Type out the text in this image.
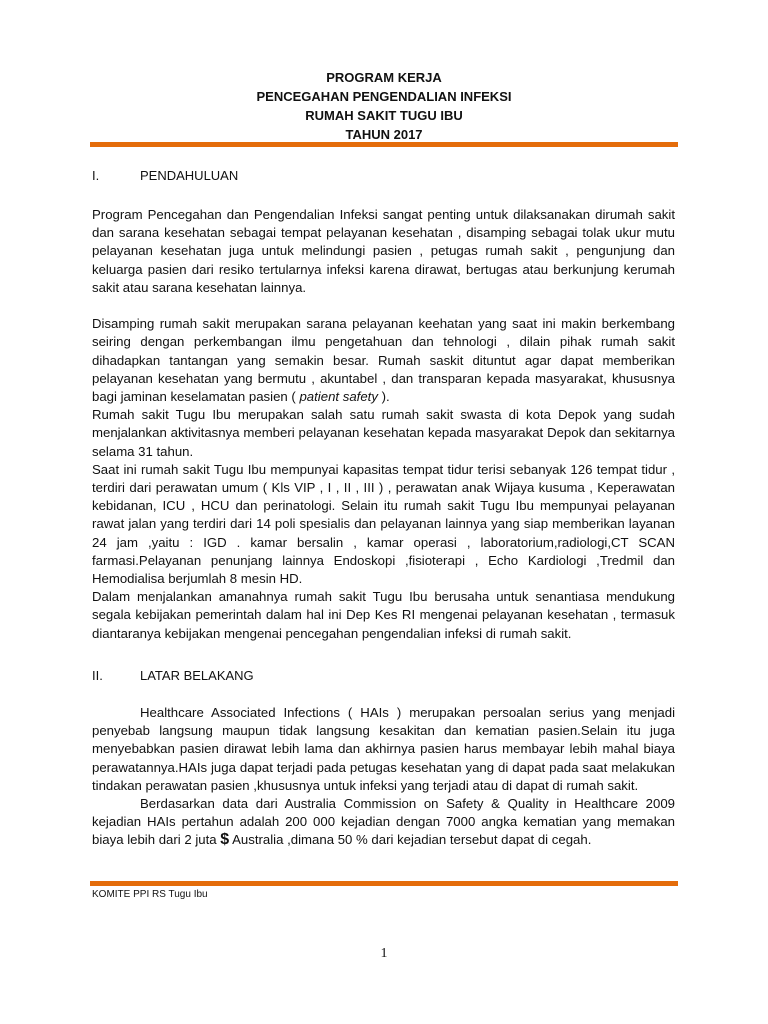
PROGRAM KERJA
PENCEGAHAN PENGENDALIAN INFEKSI
RUMAH SAKIT TUGU IBU
TAHUN 2017
I.	PENDAHULUAN

Program Pencegahan dan Pengendalian Infeksi sangat penting untuk dilaksanakan dirumah sakit dan sarana kesehatan sebagai tempat pelayanan kesehatan , disamping sebagai tolak ukur mutu pelayanan kesehatan juga untuk melindungi pasien , petugas rumah sakit , pengunjung dan keluarga pasien dari resiko tertularnya infeksi karena dirawat, bertugas atau berkunjung kerumah sakit atau sarana kesehatan lainnya.

Disamping rumah sakit merupakan sarana pelayanan keehatan yang saat ini makin berkembang seiring dengan perkembangan ilmu pengetahuan dan tehnologi , dilain pihak rumah sakit dihadapkan tantangan yang semakin besar. Rumah saskit dituntut agar dapat memberikan pelayanan kesehatan yang bermutu , akuntabel , dan transparan kepada masyarakat, khususnya bagi jaminan keselamatan pasien ( patient safety ).

Rumah sakit Tugu Ibu merupakan salah satu rumah sakit swasta di kota Depok yang sudah menjalankan aktivitasnya memberi pelayanan kesehatan kepada masyarakat Depok dan sekitarnya selama 31 tahun.

Saat ini rumah sakit Tugu Ibu mempunyai kapasitas tempat tidur terisi sebanyak 126 tempat tidur , terdiri dari perawatan umum ( Kls VIP , I , II , III ) , perawatan anak Wijaya kusuma , Keperawatan kebidanan, ICU , HCU dan perinatologi. Selain itu rumah sakit Tugu Ibu mempunyai pelayanan rawat jalan yang terdiri dari 14 poli spesialis dan pelayanan lainnya yang siap memberikan layanan 24 jam ,yaitu : IGD . kamar bersalin , kamar operasi , laboratorium,radiologi,CT SCAN farmasi.Pelayanan penunjang lainnya Endoskopi ,fisioterapi , Echo Kardiologi ,Tredmil dan Hemodialisa berjumlah 8 mesin HD.

Dalam menjalankan amanahnya rumah sakit Tugu Ibu berusaha untuk senantiasa mendukung segala kebijakan pemerintah dalam hal ini Dep Kes RI mengenai pelayanan kesehatan , termasuk diantaranya kebijakan mengenai pencegahan pengendalian infeksi di rumah sakit.

II.	LATAR BELAKANG

Healthcare Associated Infections ( HAIs ) merupakan persoalan serius yang menjadi penyebab langsung maupun tidak langsung kesakitan dan kematian pasien.Selain itu juga menyebabkan pasien dirawat lebih lama dan akhirnya pasien harus membayar lebih mahal biaya perawatannya.HAIs juga dapat terjadi pada petugas kesehatan yang di dapat pada saat melakukan tindakan perawatan pasien ,khususnya untuk infeksi yang terjadi atau di dapat di rumah sakit.

Berdasarkan data dari Australia Commission on Safety & Quality in Healthcare 2009 kejadian HAIs pertahun adalah 200 000 kejadian dengan 7000 angka kematian yang memakan biaya lebih dari 2 juta $ Australia ,dimana 50 % dari kejadian tersebut dapat di cegah.

KOMITE PPI RS Tugu Ibu
1
